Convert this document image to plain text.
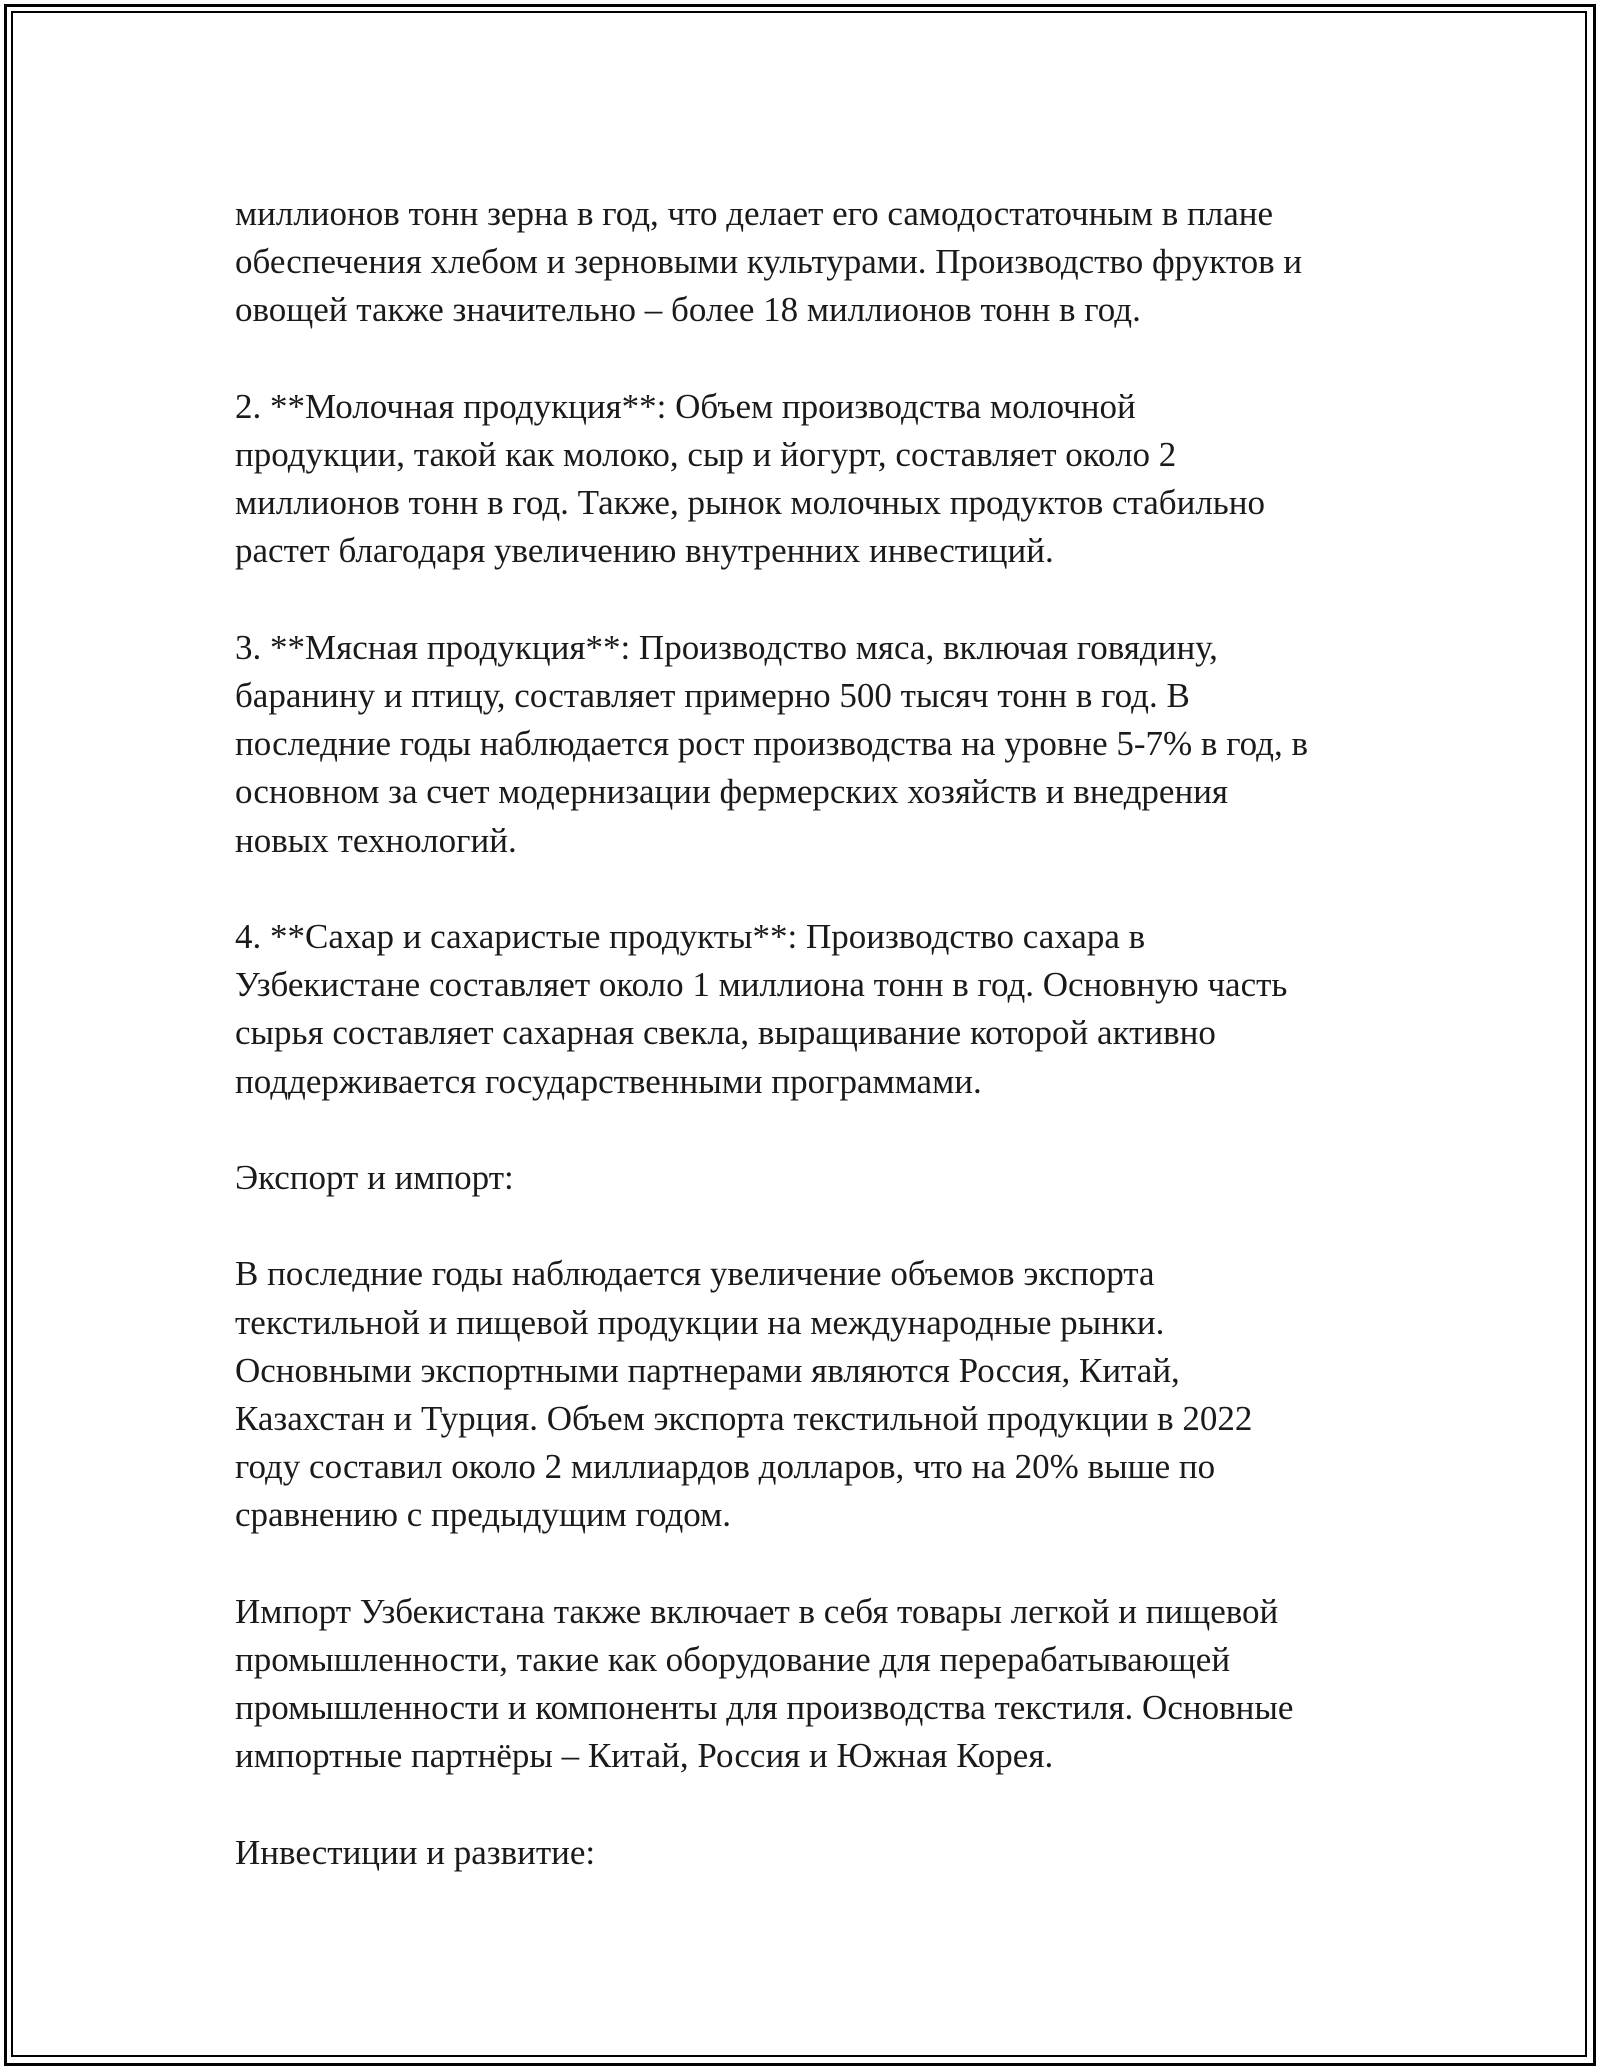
миллионов тонн зерна в год, что делает его самодостаточным в плане
обеспечения хлебом и зерновыми культурами. Производство фруктов и
овощей также значительно – более 18 миллионов тонн в год.

2. **Молочная продукция**: Объем производства молочной
продукции, такой как молоко, сыр и йогурт, составляет около 2
миллионов тонн в год. Также, рынок молочных продуктов стабильно
растет благодаря увеличению внутренних инвестиций.

3. **Мясная продукция**: Производство мяса, включая говядину,
баранину и птицу, составляет примерно 500 тысяч тонн в год. В
последние годы наблюдается рост производства на уровне 5-7% в год, в
основном за счет модернизации фермерских хозяйств и внедрения
новых технологий.

4. **Сахар и сахаристые продукты**: Производство сахара в
Узбекистане составляет около 1 миллиона тонн в год. Основную часть
сырья составляет сахарная свекла, выращивание которой активно
поддерживается государственными программами.

Экспорт и импорт:

В последние годы наблюдается увеличение объемов экспорта
текстильной и пищевой продукции на международные рынки.
Основными экспортными партнерами являются Россия, Китай,
Казахстан и Турция. Объем экспорта текстильной продукции в 2022
году составил около 2 миллиардов долларов, что на 20% выше по
сравнению с предыдущим годом.

Импорт Узбекистана также включает в себя товары легкой и пищевой
промышленности, такие как оборудование для перерабатывающей
промышленности и компоненты для производства текстиля. Основные
импортные партнёры – Китай, Россия и Южная Корея.

Инвестиции и развитие:
